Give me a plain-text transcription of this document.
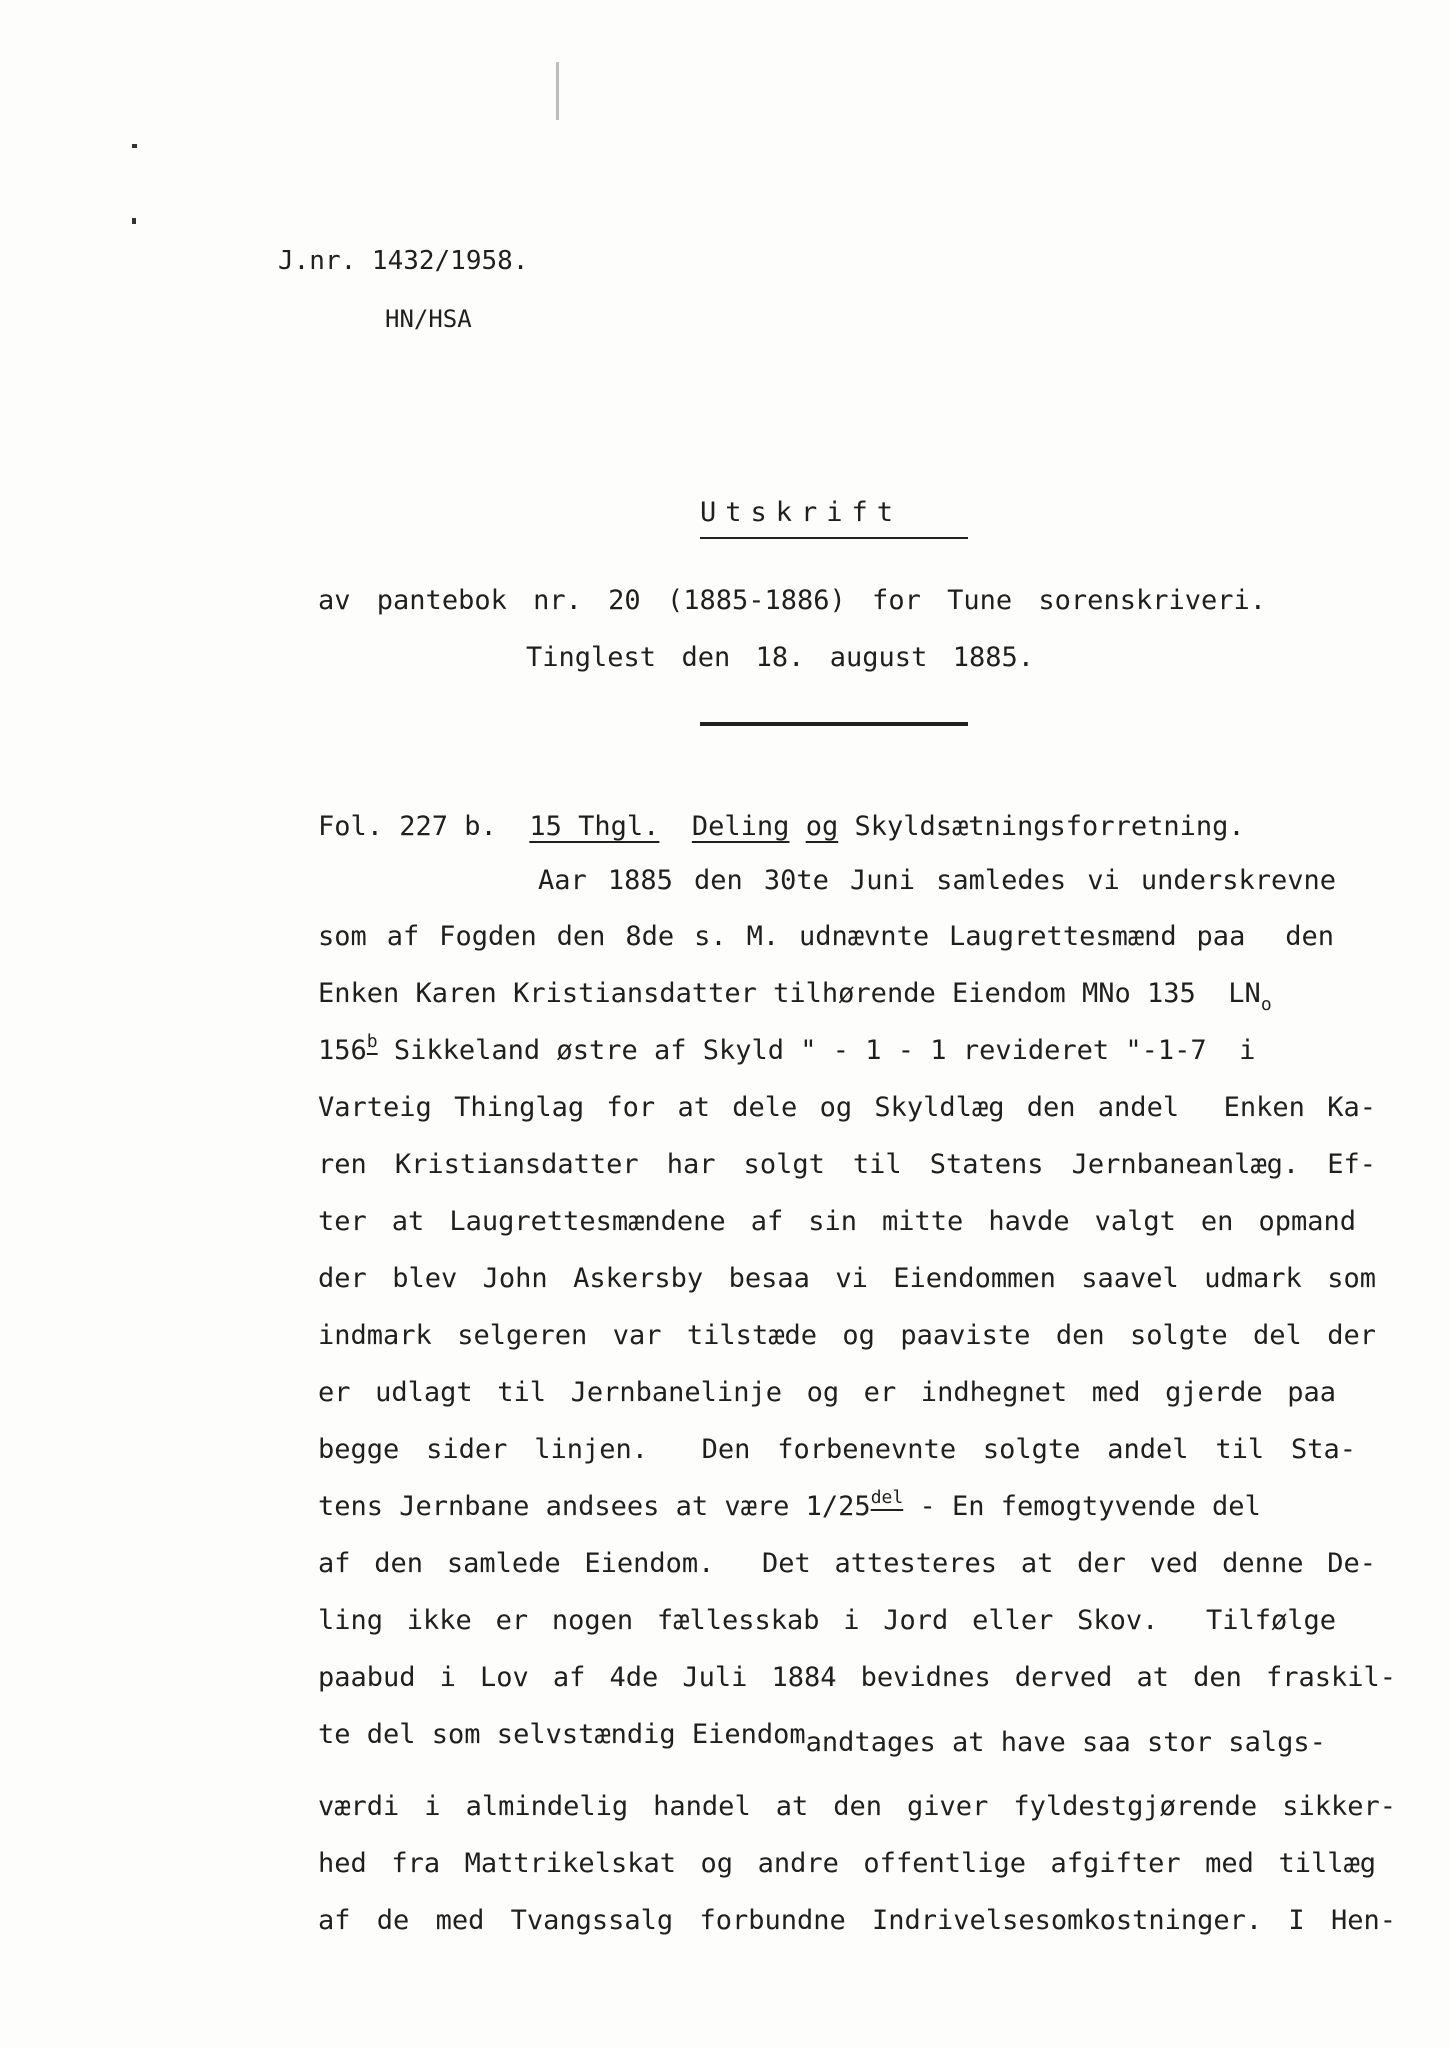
J.nr. 1432/1958.

HN/HSA

Utskrift

av pantebok nr. 20 (1885-1886) for Tune sorenskriveri.

Tinglest den 18. august 1885.

Fol. 227 b. 15 Thgl. Deling og Skyldsætningsforretning.

Aar 1885 den 30te Juni samledes vi underskrevne

som af Fogden den 8de s. M. udnævnte Laugrettesmænd paa  den

Enken Karen Kristiansdatter tilhørende Eiendom MNo 135  $LN_o$

156$^b$ Sikkeland østre af Skyld " - 1 - 1 revideret "-1-7  i

Varteig Thinglag for at dele og Skyldlæg den andel  Enken Ka-

ren Kristiansdatter har solgt til Statens Jernbaneanlæg. Ef-

ter at Laugrettesmændene af sin mitte havde valgt en opmand

der blev John Askersby besaa vi Eiendommen saavel udmark som

indmark selgeren var tilstæde og paaviste den solgte del der

er udlagt til Jernbanelinje og er indhegnet med gjerde paa

begge sider linjen.  Den forbenevnte solgte andel til Sta-

tens Jernbane andsees at være $1/25^{del}$ - En femogtyvende del

af den samlede Eiendom.  Det attesteres at der ved denne De-

ling ikke er nogen fællesskab i Jord eller Skov.  Tilfølge

paabud i Lov af 4de Juli 1884 bevidnes derved at den fraskil-

te del som selvstændig Eiendomandtages at have saa stor salgs-

værdi i almindelig handel at den giver fyldestgjørende sikker-

hed fra Mattrikelskat og andre offentlige afgifter med tillæg

af de med Tvangssalg forbundne Indrivelsesomkostninger. I Hen-
